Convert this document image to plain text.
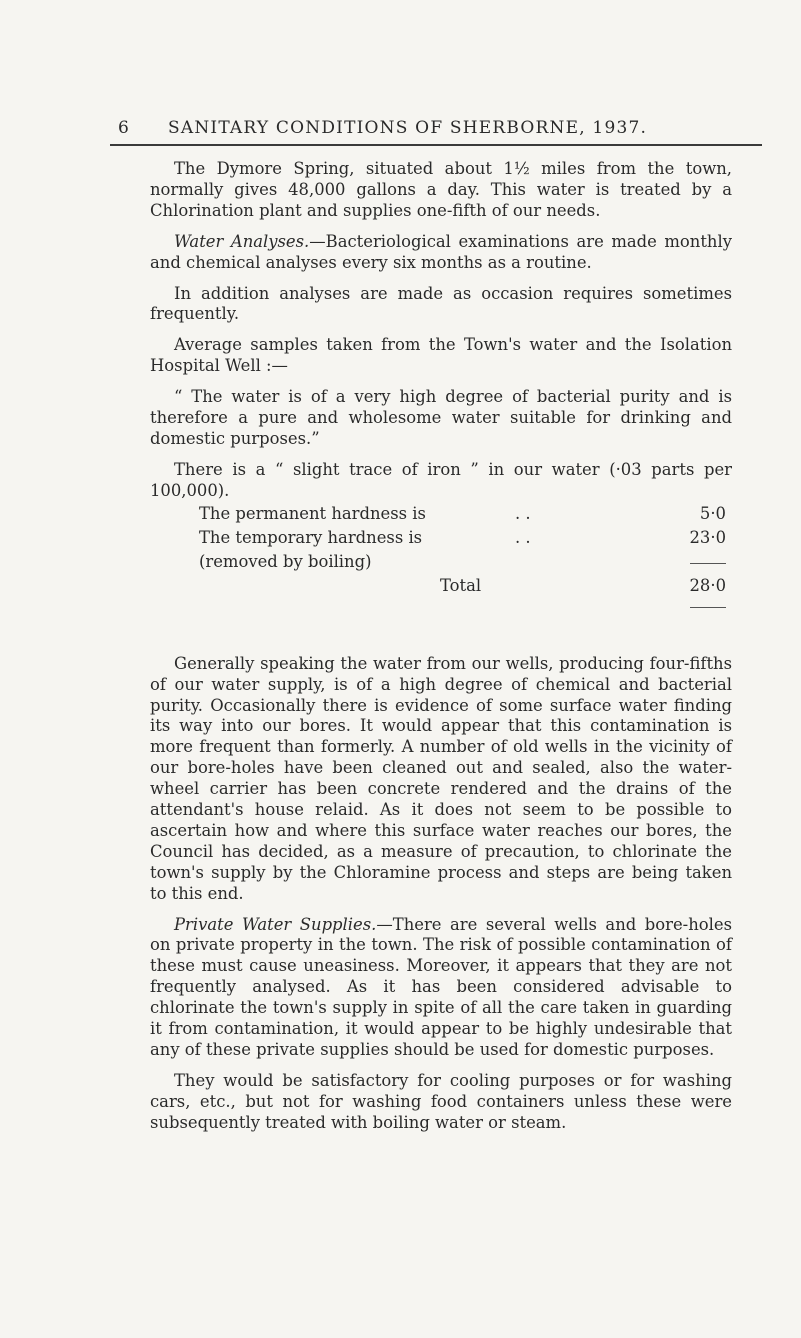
6 SANITARY CONDITIONS OF SHERBORNE, 1937.

The Dymore Spring, situated about 1½ miles from the town, normally gives 48,000 gallons a day. This water is treated by a Chlorination plant and supplies one-fifth of our needs.

Water Analyses.—Bacteriological examinations are made monthly and chemical analyses every six months as a routine.

In addition analyses are made as occasion requires sometimes frequently.

Average samples taken from the Town's water and the Isolation Hospital Well :—

“ The water is of a very high degree of bacterial purity and is therefore a pure and wholesome water suitable for drinking and domestic purposes.”

There is a “ slight trace of iron ” in our water (·03 parts per 100,000).

The permanent hardness is	. .	5·0
The temporary hardness is	. .	23·0
(removed by boiling)
Total	28·0

Generally speaking the water from our wells, producing four-fifths of our water supply, is of a high degree of chemical and bacterial purity. Occasionally there is evidence of some surface water finding its way into our bores. It would appear that this contamination is more frequent than formerly. A number of old wells in the vicinity of our bore-holes have been cleaned out and sealed, also the water-wheel carrier has been concrete rendered and the drains of the attendant's house relaid. As it does not seem to be possible to ascertain how and where this surface water reaches our bores, the Council has decided, as a measure of precaution, to chlorinate the town's supply by the Chloramine process and steps are being taken to this end.

Private Water Supplies.—There are several wells and bore-holes on private property in the town. The risk of possible contamination of these must cause uneasiness. Moreover, it appears that they are not frequently analysed. As it has been considered advisable to chlorinate the town's supply in spite of all the care taken in guarding it from contamination, it would appear to be highly undesirable that any of these private supplies should be used for domestic purposes.

They would be satisfactory for cooling purposes or for washing cars, etc., but not for washing food containers unless these were subsequently treated with boiling water or steam.
